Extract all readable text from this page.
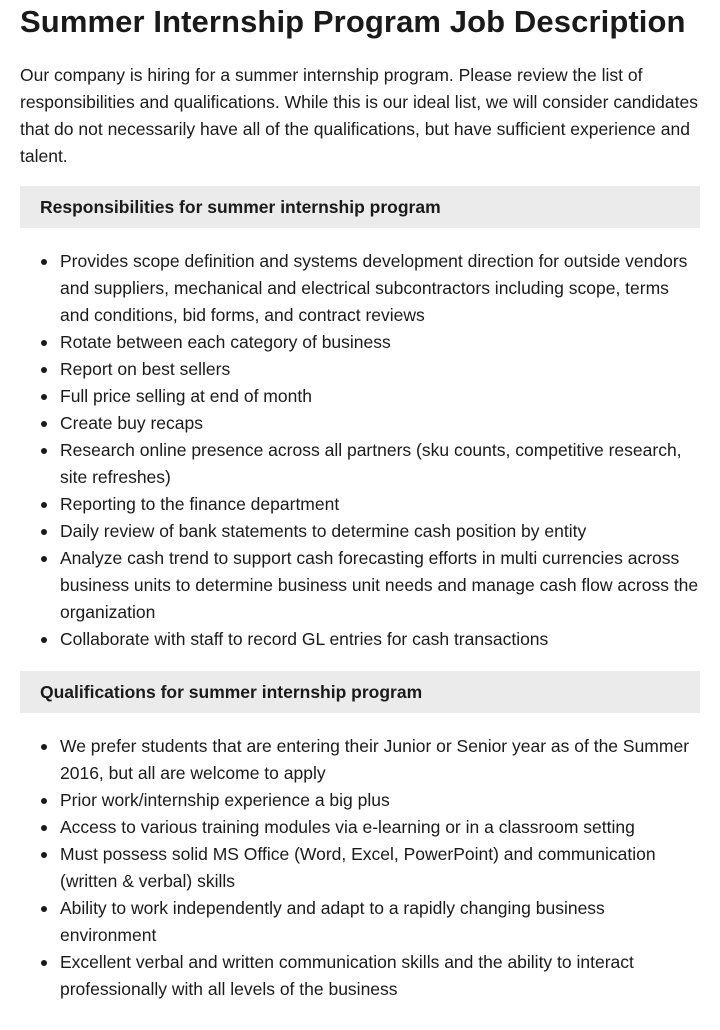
Summer Internship Program Job Description

Our company is hiring for a summer internship program. Please review the list of responsibilities and qualifications. While this is our ideal list, we will consider candidates that do not necessarily have all of the qualifications, but have sufficient experience and talent.

Responsibilities for summer internship program
Provides scope definition and systems development direction for outside vendors and suppliers, mechanical and electrical subcontractors including scope, terms and conditions, bid forms, and contract reviews
Rotate between each category of business
Report on best sellers
Full price selling at end of month
Create buy recaps
Research online presence across all partners (sku counts, competitive research, site refreshes)
Reporting to the finance department
Daily review of bank statements to determine cash position by entity
Analyze cash trend to support cash forecasting efforts in multi currencies across business units to determine business unit needs and manage cash flow across the organization
Collaborate with staff to record GL entries for cash transactions
Qualifications for summer internship program
We prefer students that are entering their Junior or Senior year as of the Summer 2016, but all are welcome to apply
Prior work/internship experience a big plus
Access to various training modules via e-learning or in a classroom setting
Must possess solid MS Office (Word, Excel, PowerPoint) and communication (written & verbal) skills
Ability to work independently and adapt to a rapidly changing business environment
Excellent verbal and written communication skills and the ability to interact professionally with all levels of the business
